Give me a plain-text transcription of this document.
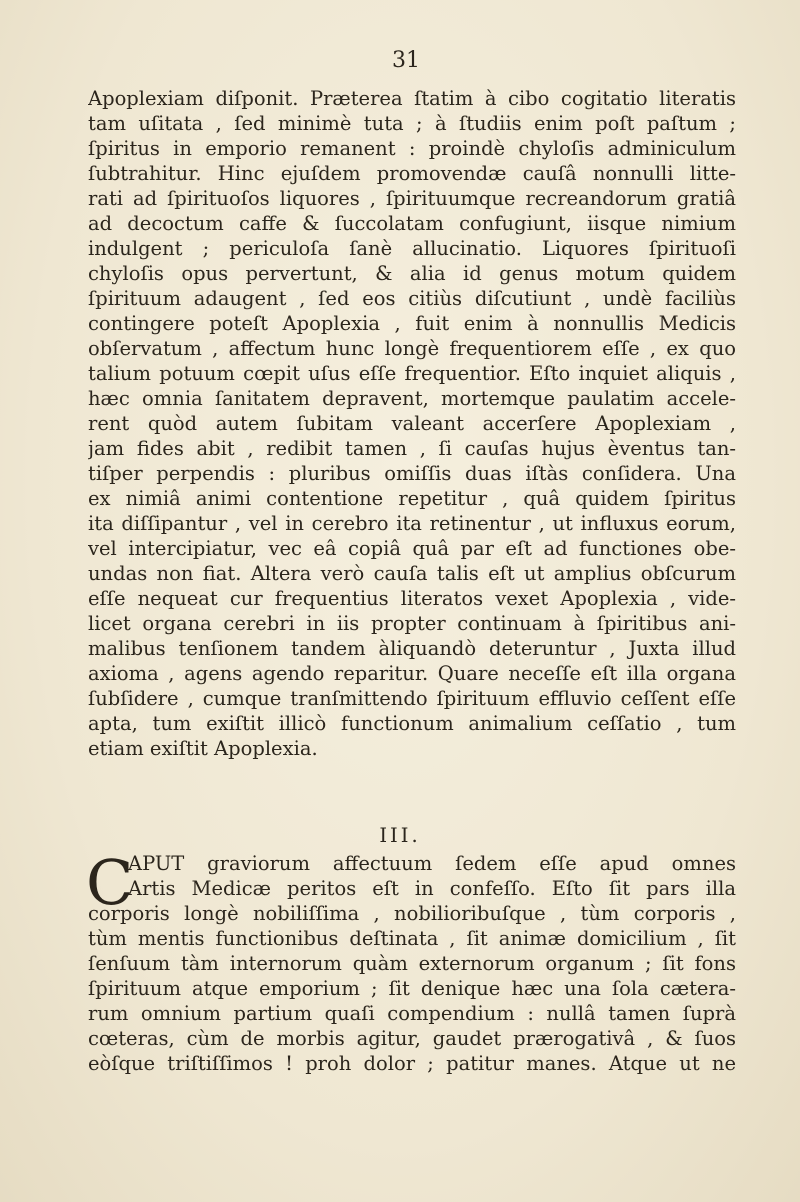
31
Apoplexiam diſponit. Præterea ſtatim à cibo cogitatio literatis
tam uſitata , ſed minimè tuta ; à ſtudiis enim poſt paſtum ;
ſpiritus in emporio remanent : proindè chyloſis adminiculum
ſubtrahitur. Hinc ejuſdem promovendæ cauſâ nonnulli litte-
rati ad ſpirituoſos liquores , ſpirituumque recreandorum gratiâ
ad decoctum caffe & ſuccolatam confugiunt, iisque nimium
indulgent ; periculoſa ſanè allucinatio. Liquores ſpirituoſi
chyloſis opus pervertunt, & alia id genus motum quidem
ſpirituum adaugent , ſed eos citiùs diſcutiunt , undè faciliùs
contingere poteſt Apoplexia , fuit enim à nonnullis Medicis
obſervatum , affectum hunc longè frequentiorem eſſe , ex quo
talium potuum cœpit uſus eſſe frequentior. Eſto inquiet aliquis ,
hæc omnia ſanitatem depravent, mortemque paulatim accele-
rent quòd autem ſubitam valeant accerſere Apoplexiam ,
jam fides abit , redibit tamen , ſi cauſas hujus èventus tan-
tiſper perpendis : pluribus omiſſis duas iſtàs conſidera. Una
ex nimiâ animi contentione repetitur , quâ quidem ſpiritus
ita diſſipantur , vel in cerebro ita retinentur , ut influxus eorum,
vel intercipiatur, vec eâ copiâ quâ par eſt ad functiones obe-
undas non fiat. Altera verò cauſa talis eſt ut amplius obſcurum
eſſe nequeat cur frequentius literatos vexet Apoplexia , vide-
licet organa cerebri in iis propter continuam à ſpiritibus ani-
malibus tenſionem tandem àliquandò deteruntur , Juxta illud
axioma , agens agendo reparitur. Quare neceſſe eſt illa organa
ſubſidere , cumque tranſmittendo ſpirituum effluvio ceſſent eſſe
apta, tum exiſtit illicò functionum animalium ceſſatio , tum
etiam exiſtit Apoplexia.
III.
C
APUT graviorum affectuum ſedem eſſe apud omnes
Artis Medicæ peritos eſt in confeſſo. Eſto ſit pars illa
corporis longè nobiliſſima , nobilioribuſque , tùm corporis ,
tùm mentis functionibus deſtinata , ſit animæ domicilium , ſit
ſenſuum tàm internorum quàm externorum organum ; ſit fons
ſpirituum atque emporium ; ſit denique hæc una ſola cætera-
rum omnium partium quaſi compendium : nullâ tamen ſuprà
cœteras, cùm de morbis agitur, gaudet prærogativâ , & ſuos
eòſque triſtiſſimos ! proh dolor ; patitur manes. Atque ut ne
